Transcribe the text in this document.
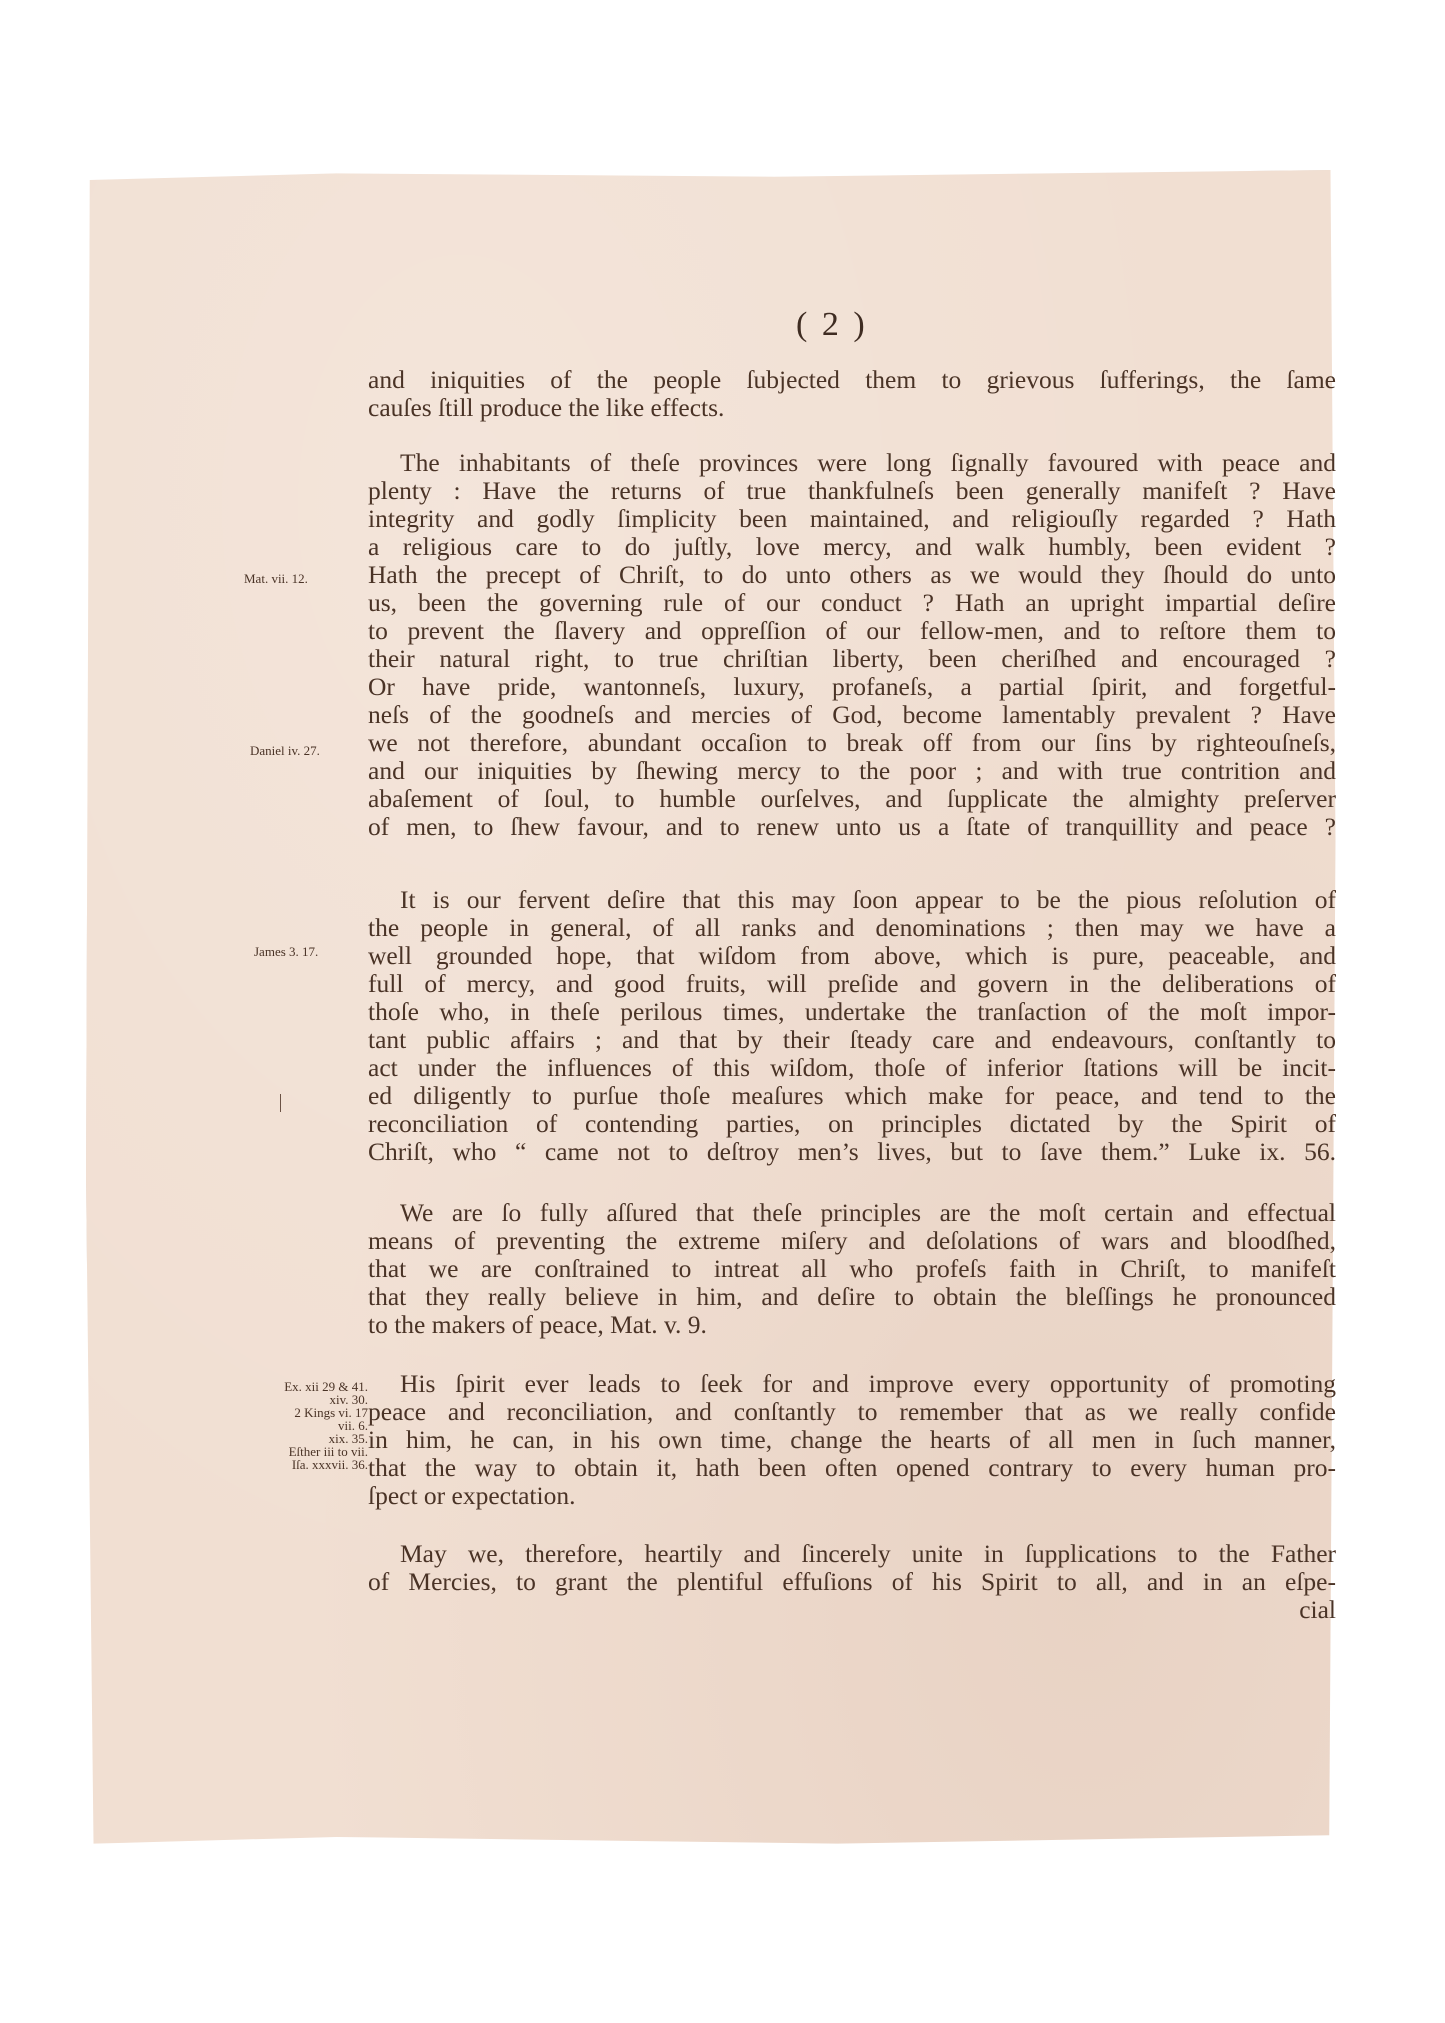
( 2 )
and iniquities of the people ſubjected them to grievous ſufferings, the ſame
cauſes ſtill produce the like effects.
The inhabitants of theſe provinces were long ſignally favoured with peace and
plenty : Have the returns of true thankfulneſs been generally manifeſt ? Have
integrity and godly ſimplicity been maintained, and religiouſly regarded ? Hath
a religious care to do juſtly, love mercy, and walk humbly, been evident ?
Hath the precept of Chriſt, to do unto others as we would they ſhould do unto
us, been the governing rule of our conduct ? Hath an upright impartial deſire
to prevent the ſlavery and oppreſſion of our fellow-men, and to reſtore them to
their natural right, to true chriſtian liberty, been cheriſhed and encouraged ?
Or have pride, wantonneſs, luxury, profaneſs, a partial ſpirit, and forgetful-
neſs of the goodneſs and mercies of God, become lamentably prevalent ? Have
we not therefore, abundant occaſion to break off from our ſins by righteouſneſs,
and our iniquities by ſhewing mercy to the poor ; and with true contrition and
abaſement of ſoul, to humble ourſelves, and ſupplicate the almighty preſerver
of men, to ſhew favour, and to renew unto us a ſtate of tranquillity and peace ?
It is our fervent deſire that this may ſoon appear to be the pious reſolution of
the people in general, of all ranks and denominations ; then may we have a
well grounded hope, that wiſdom from above, which is pure, peaceable, and
full of mercy, and good fruits, will preſide and govern in the deliberations of
thoſe who, in theſe perilous times, undertake the tranſaction of the moſt impor-
tant public affairs ; and that by their ſteady care and endeavours, conſtantly to
act under the influences of this wiſdom, thoſe of inferior ſtations will be incit-
ed diligently to purſue thoſe meaſures which make for peace, and tend to the
reconciliation of contending parties, on principles dictated by the Spirit of
Chriſt, who “ came not to deſtroy men’s lives, but to ſave them.” Luke ix. 56.
We are ſo fully aſſured that theſe principles are the moſt certain and effectual
means of preventing the extreme miſery and deſolations of wars and bloodſhed,
that we are conſtrained to intreat all who profeſs faith in Chriſt, to manifeſt
that they really believe in him, and deſire to obtain the bleſſings he pronounced
to the makers of peace, Mat. v. 9.
His ſpirit ever leads to ſeek for and improve every opportunity of promoting
peace and reconciliation, and conſtantly to remember that as we really confide
in him, he can, in his own time, change the hearts of all men in ſuch manner,
that the way to obtain it, hath been often opened contrary to every human pro-
ſpect or expectation.
May we, therefore, heartily and ſincerely unite in ſupplications to the Father
of Mercies, to grant the plentiful effuſions of his Spirit to all, and in an eſpe-
cial
Mat. vii. 12.
Daniel iv. 27.
James 3. 17.
Ex. xii 29 & 41.
xiv. 30.
2 Kings vi. 17
vii. 6.
xix. 35.
Eſther iii to vii.
Iſa. xxxvii. 36.
